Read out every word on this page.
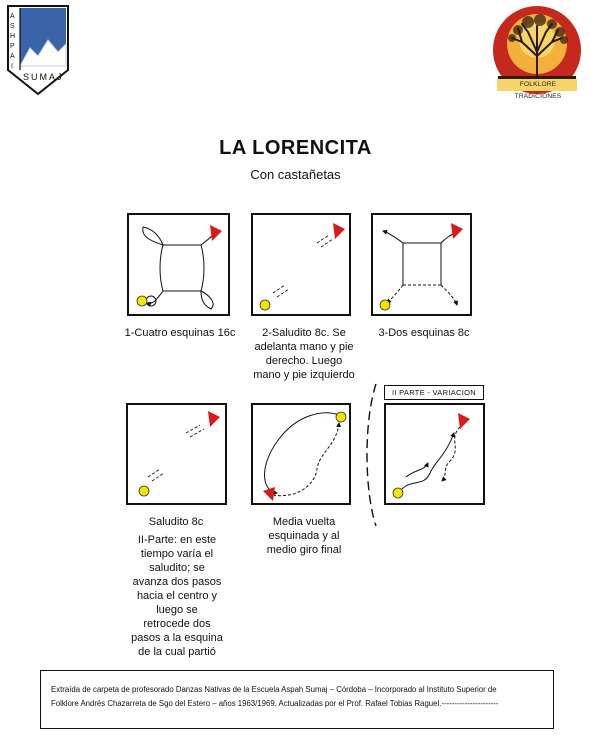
A
S
H
P
A
I
SUMAJ
FOLKLORE TRADICIONES
LA LORENCITA
Con castañetas
1-Cuatro esquinas 16c	2-Saludito 8c. Se
adelanta mano y pie
derecho. Luego
mano y pie izquierdo
3-Dos esquinas 8c
Saludito 8c	Media vuelta
esquinada y al
medio giro final
II PARTE - VARIACION
II-Parte: en este
tiempo varía el
saludito; se
avanza dos pasos
hacia el centro y
luego se
retrocede dos
pasos a la esquina
de la cual partió

Extraída de carpeta de profesorado Danzas Nativas de la Escuela Aspah Sumaj – Córdoba – Incorporado al Instituto Superior de

Folklore Andrés Chazarreta de Sgo del Estero – años 1963/1969. Actualizadas por el Prof. Rafael Tobias Raguel.----------------------
